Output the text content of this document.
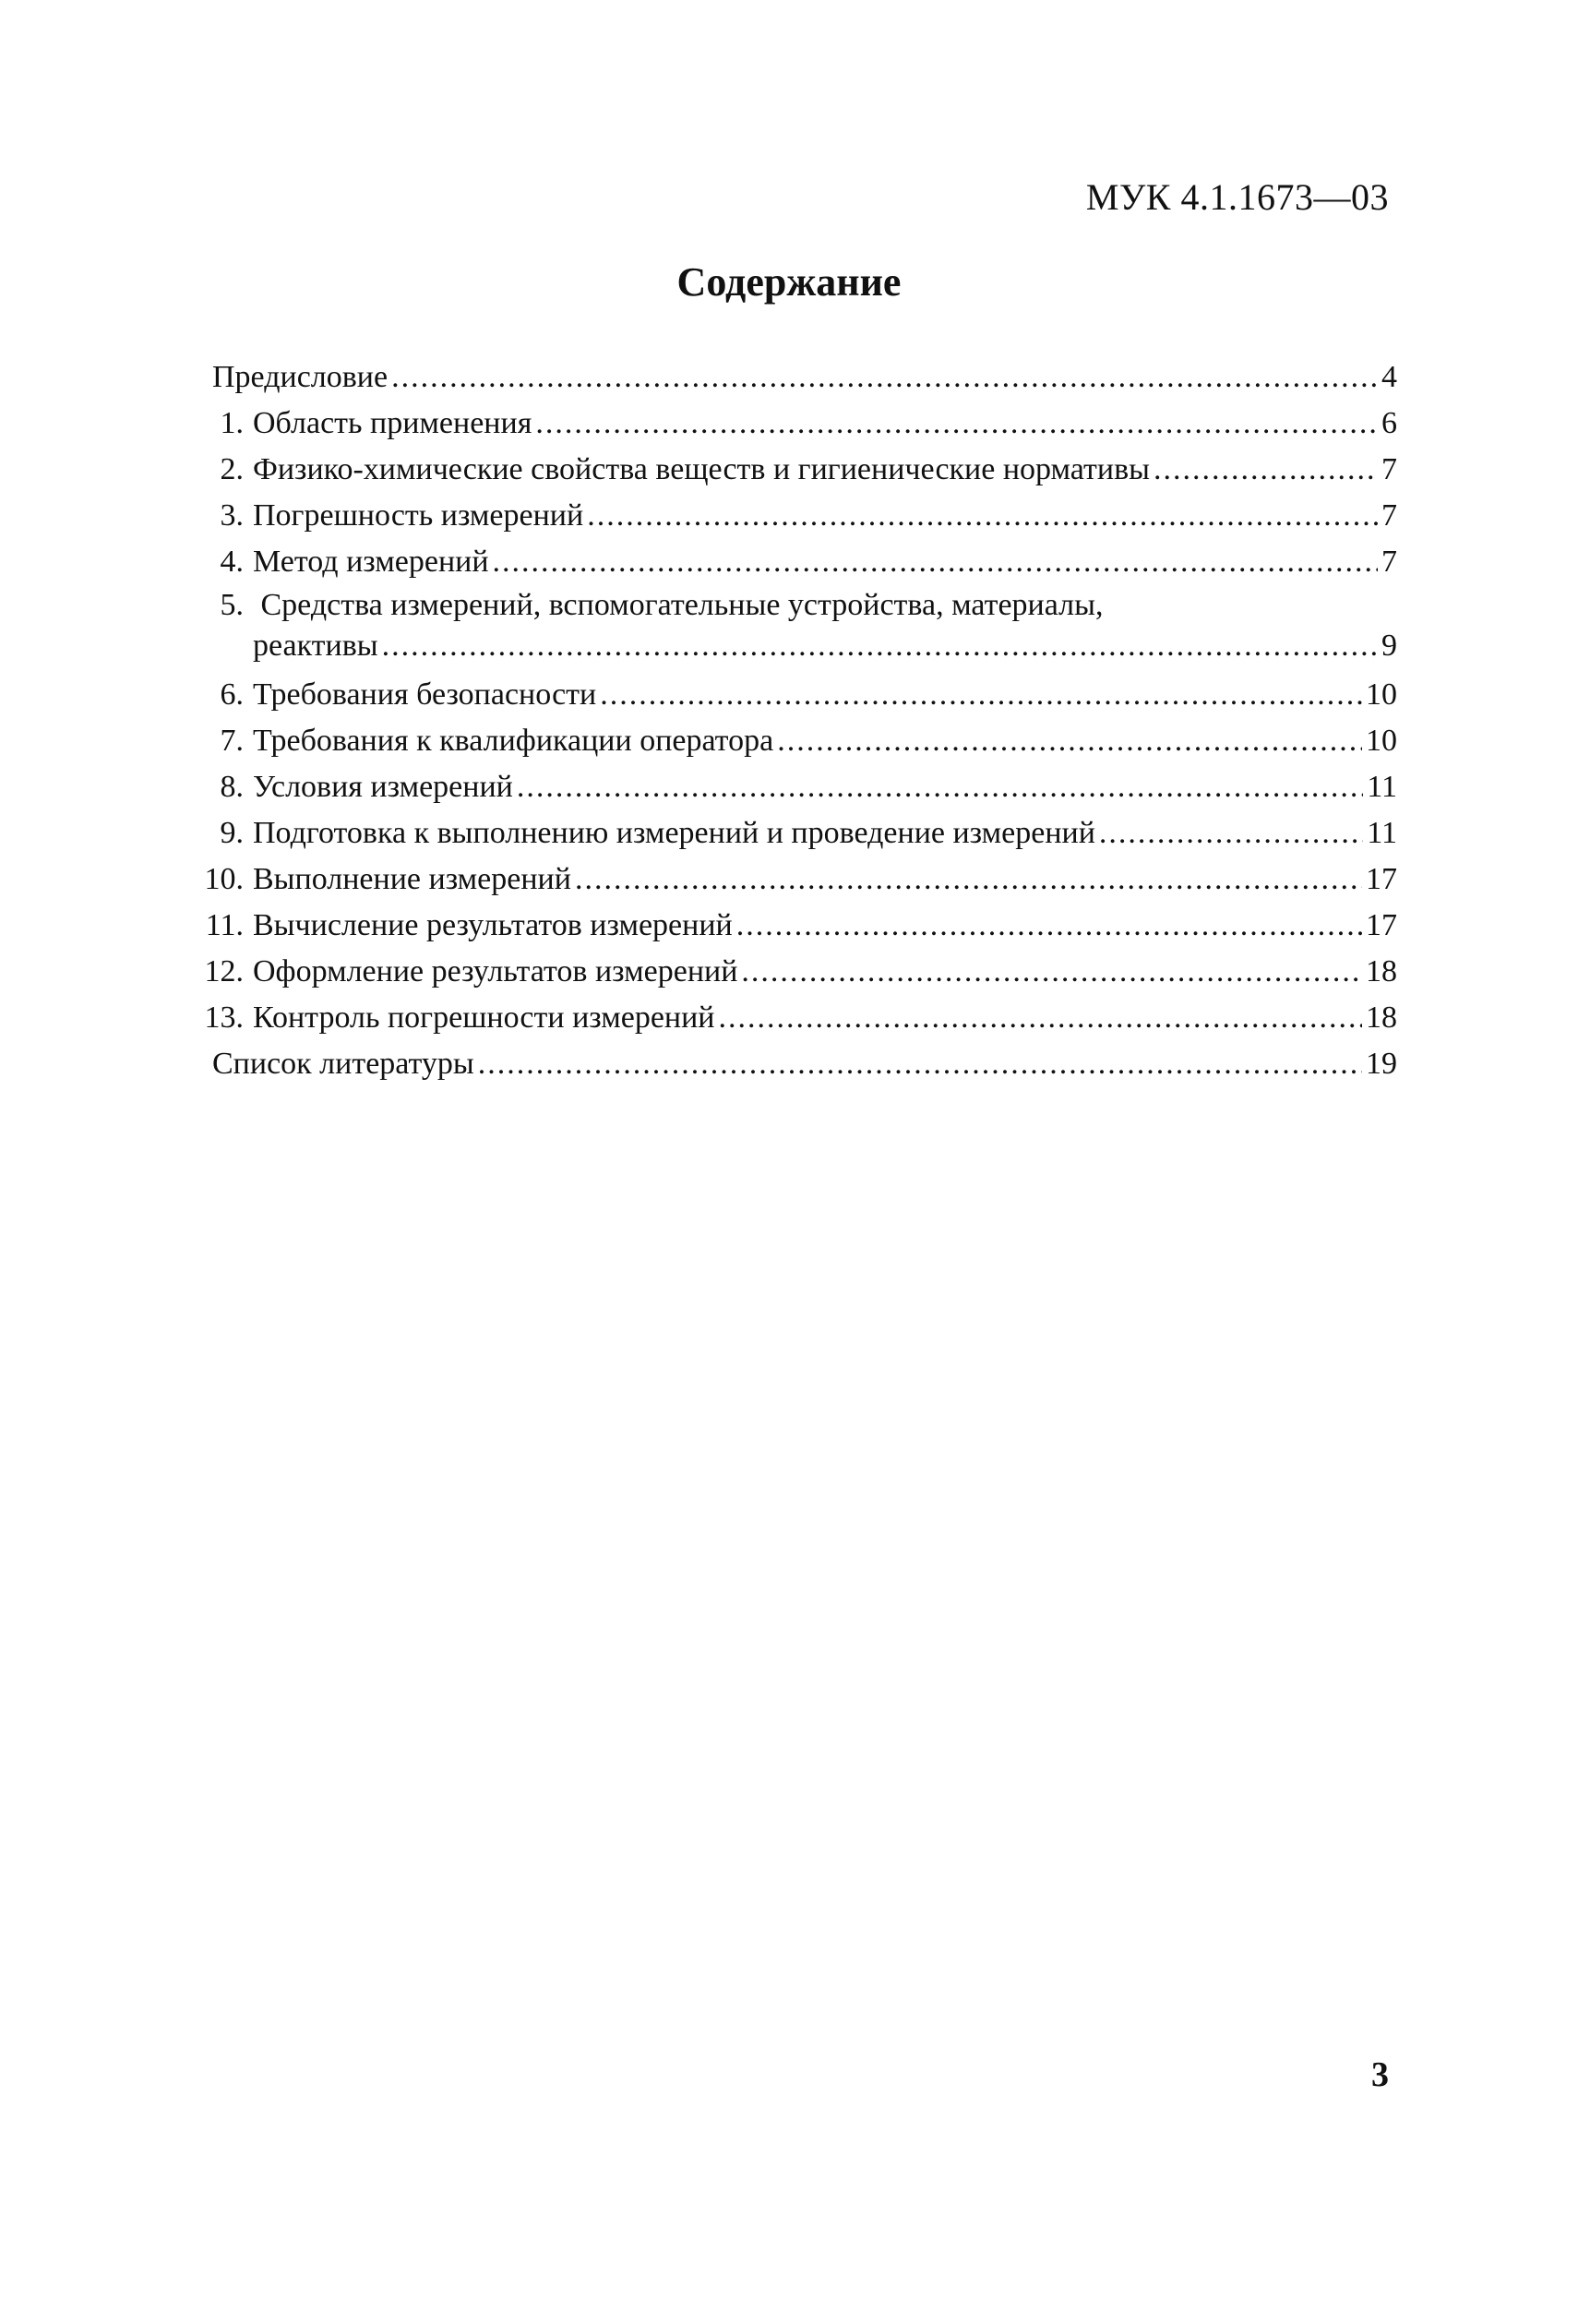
МУК 4.1.1673—03
Содержание
Предисловие .....	4
1. Область применения .....	6
2. Физико-химические свойства веществ и гигиенические нормативы .....	7
3. Погрешность измерений .....	7
4. Метод измерений .....	7
5. Средства измерений, вспомогательные устройства, материалы,
реактивы .....	9
6. Требования безопасности .....	10
7. Требования к квалификации оператора .....	10
8. Условия измерений .....	11
9. Подготовка к выполнению измерений и проведение измерений .....	11
10. Выполнение измерений .....	17
11. Вычисление результатов измерений .....	17
12. Оформление результатов измерений .....	18
13. Контроль погрешности измерений .....	18
Список литературы .....	19
3
